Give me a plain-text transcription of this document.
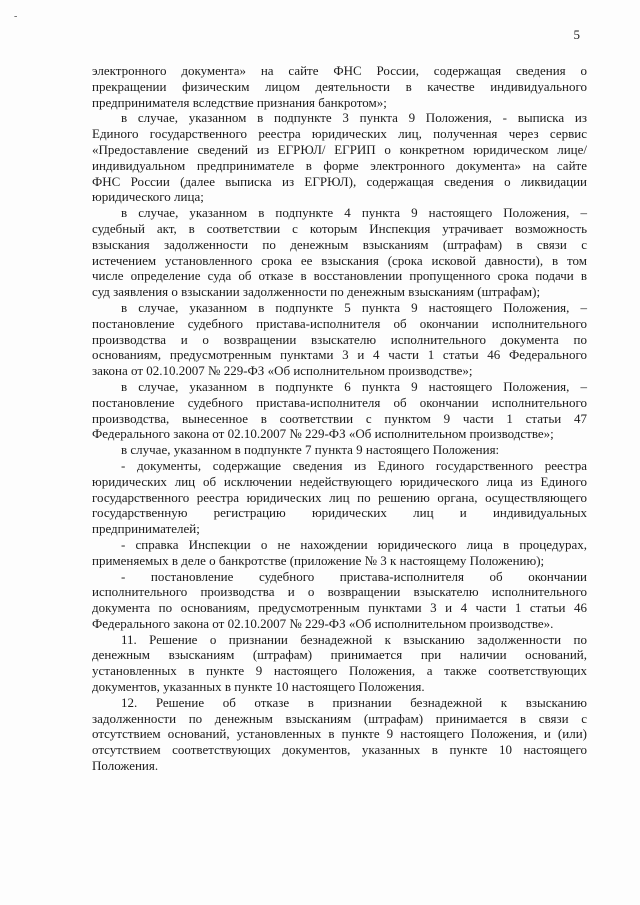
-
5

электронного документа» на сайте ФНС России, содержащая сведения о

прекращении физическим лицом деятельности в качестве индивидуального

предпринимателя вследствие признания банкротом»;

в случае, указанном в подпункте 3 пункта 9 Положения, - выписка из

Единого государственного реестра юридических лиц, полученная через сервис

«Предоставление сведений из ЕГРЮЛ/ ЕГРИП о конкретном юридическом лице/

индивидуальном предпринимателе в форме электронного документа» на сайте

ФНС России (далее выписка из ЕГРЮЛ), содержащая сведения о ликвидации

юридического лица;

в случае, указанном в подпункте 4 пункта 9 настоящего Положения, –

судебный акт, в соответствии с которым Инспекция утрачивает возможность

взыскания задолженности по денежным взысканиям (штрафам) в связи с

истечением установленного срока ее взыскания (срока исковой давности), в том

числе определение суда об отказе в восстановлении пропущенного срока подачи в

суд заявления о взыскании задолженности по денежным взысканиям (штрафам);

в случае, указанном в подпункте 5 пункта 9 настоящего Положения, –

постановление судебного пристава-исполнителя об окончании исполнительного

производства и о возвращении взыскателю исполнительного документа по

основаниям, предусмотренным пунктами 3 и 4 части 1 статьи 46 Федерального

закона от 02.10.2007 № 229-ФЗ «Об исполнительном производстве»;

в случае, указанном в подпункте 6 пункта 9 настоящего Положения, –

постановление судебного пристава-исполнителя об окончании исполнительного

производства, вынесенное в соответствии с пунктом 9 части 1 статьи 47

Федерального закона от 02.10.2007 № 229-ФЗ «Об исполнительном производстве»;

в случае, указанном в подпункте 7 пункта 9 настоящего Положения:

- документы, содержащие сведения из Единого государственного реестра

юридических лиц об исключении недействующего юридического лица из Единого

государственного реестра юридических лиц по решению органа, осуществляющего

государственную регистрацию юридических лиц и индивидуальных

предпринимателей;

- справка Инспекции о не нахождении юридического лица в процедурах,

применяемых в деле о банкротстве (приложение № 3 к настоящему Положению);

- постановление судебного пристава-исполнителя об окончании

исполнительного производства и о возвращении взыскателю исполнительного

документа по основаниям, предусмотренным пунктами 3 и 4 части 1 статьи 46

Федерального закона от 02.10.2007 № 229-ФЗ «Об исполнительном производстве».

11. Решение о признании безнадежной к взысканию задолженности по

денежным взысканиям (штрафам) принимается при наличии оснований,

установленных в пункте 9 настоящего Положения, а также соответствующих

документов, указанных в пункте 10 настоящего Положения.

12. Решение об отказе в признании безнадежной к взысканию

задолженности по денежным взысканиям (штрафам) принимается в связи с

отсутствием оснований, установленных в пункте 9 настоящего Положения, и (или)

отсутствием соответствующих документов, указанных в пункте 10 настоящего

Положения.
